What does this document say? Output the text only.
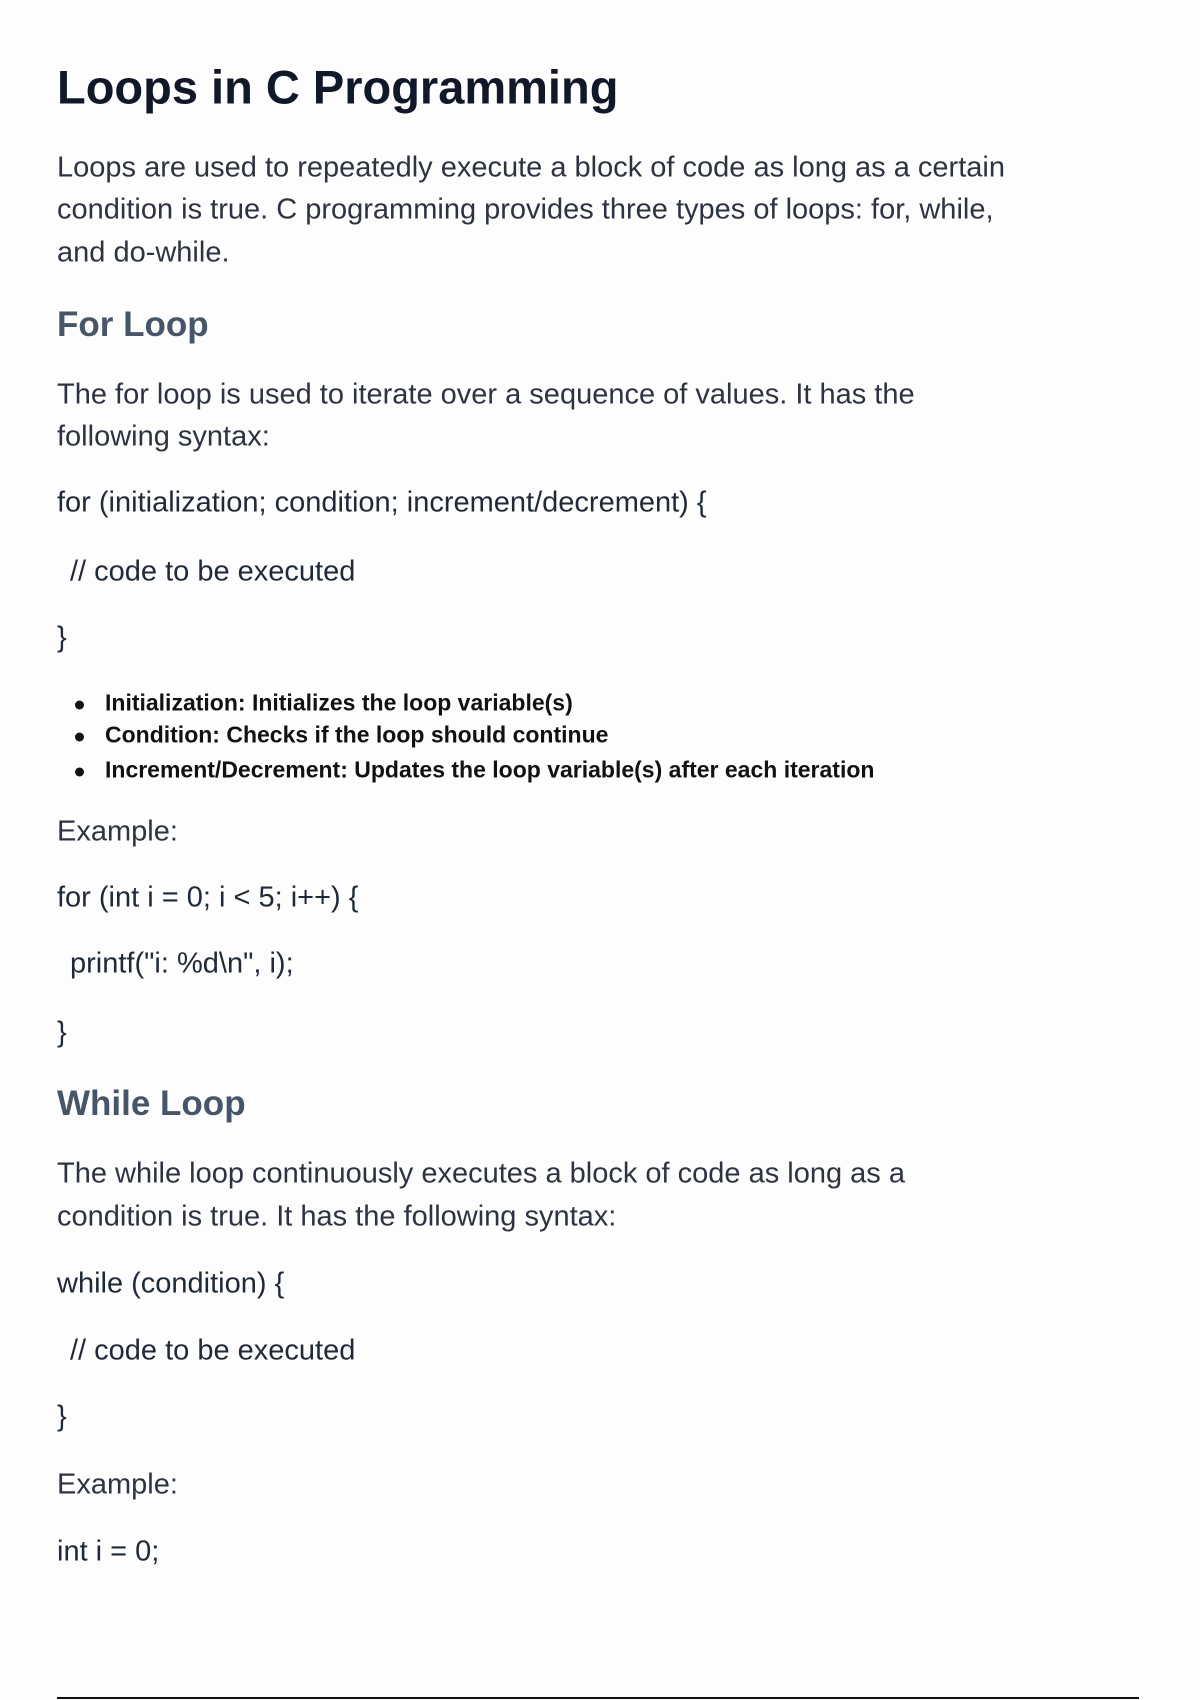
Loops in C Programming
Loops are used to repeatedly execute a block of code as long as a certain
condition is true. C programming provides three types of loops: for, while,
and do-while.
For Loop
The for loop is used to iterate over a sequence of values. It has the
following syntax:
for (initialization; condition; increment/decrement) {
// code to be executed
}
Initialization: Initializes the loop variable(s)
Condition: Checks if the loop should continue
Increment/Decrement: Updates the loop variable(s) after each iteration
Example:
for (int i = 0; i < 5; i++) {
printf("i: %d\n", i);
}
While Loop
The while loop continuously executes a block of code as long as a
condition is true. It has the following syntax:
while (condition) {
// code to be executed
}
Example:
int i = 0;
